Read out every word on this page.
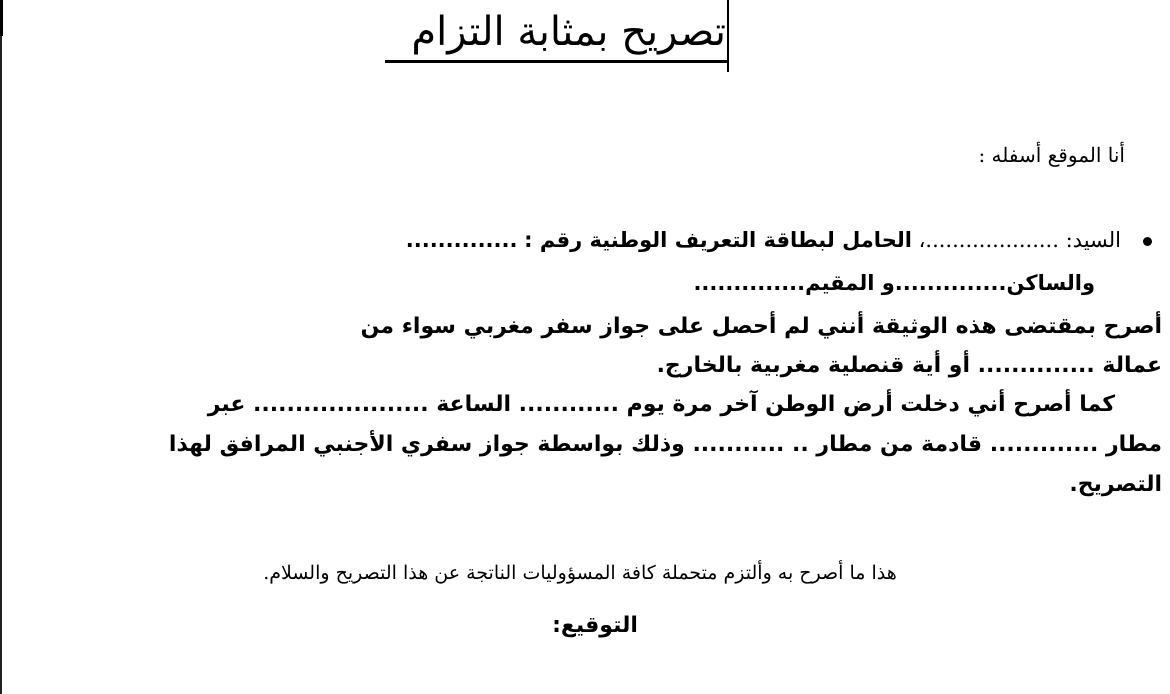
تصريح بمثابة التزام
أنا الموقع أسفله :
السيد: ....................، الحامل لبطاقة التعريف الوطنية رقم : ..............
والساكن..............و المقيم..............
أصرح بمقتضى هذه الوثيقة أنني لم أحصل على جواز سفر مغربي سواء من
عمالة .............. أو أية قنصلية مغربية بالخارج.
كما أصرح أني دخلت أرض الوطن آخر مرة يوم ............ الساعة ..................... عبر
مطار ............. قادمة من مطار .. ........... وذلك بواسطة جواز سفري الأجنبي المرافق لهذا
التصريح.
هذا ما أصرح به وألتزم متحملة كافة المسؤوليات الناتجة عن هذا التصريح والسلام.
التوقيع:
